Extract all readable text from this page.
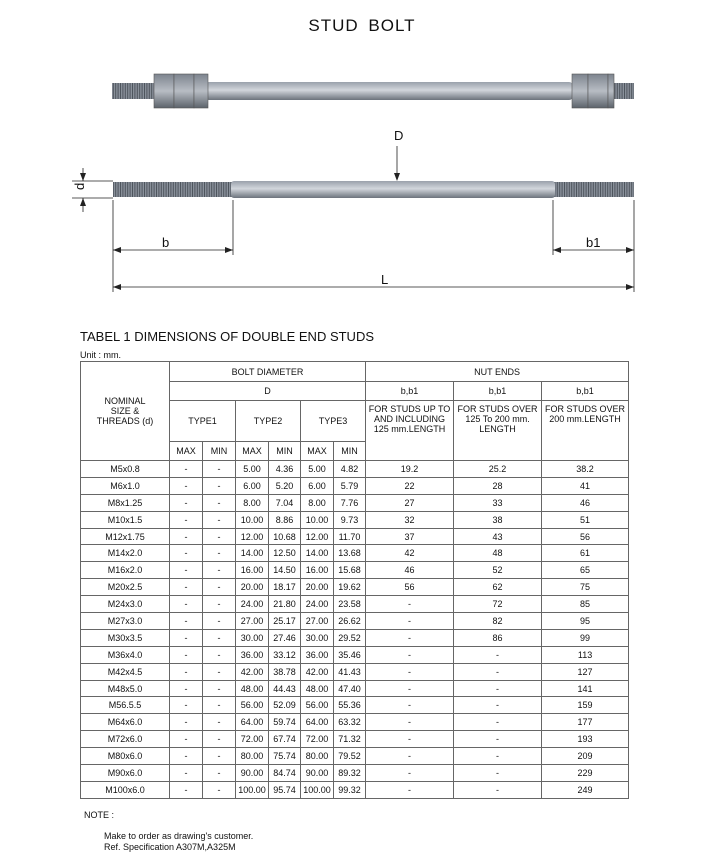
STUD BOLT
D
d
b	b1
L
TABEL 1 DIMENSIONS OF DOUBLE END STUDS
Unit : mm.
NOMINAL SIZE & THREADS (d)	BOLT DIAMETER						NUT ENDS		
	D						b,b1	b,b1	b,b1
	TYPE1		TYPE2		TYPE3		FOR STUDS UP TO AND INCLUDING 125 mm.LENGTH	FOR STUDS OVER 125 To 200 mm. LENGTH	FOR STUDS OVER 200 mm.LENGTH

	MAX	MIN	MAX	MIN	MAX	MIN			
M5x0.8	-	-	5.00	4.36	5.00	4.82	19.2	25.2	38.2
M6x1.0	-	-	6.00	5.20	6.00	5.79	22	28	41
M8x1.25	-	-	8.00	7.04	8.00	7.76	27	33	46
M10x1.5	-	-	10.00	8.86	10.00	9.73	32	38	51
M12x1.75	-	-	12.00	10.68	12.00	11.70	37	43	56
M14x2.0	-	-	14.00	12.50	14.00	13.68	42	48	61
M16x2.0	-	-	16.00	14.50	16.00	15.68	46	52	65
M20x2.5	-	-	20.00	18.17	20.00	19.62	56	62	75
M24x3.0	-	-	24.00	21.80	24.00	23.58	-	72	85
M27x3.0	-	-	27.00	25.17	27.00	26.62	-	82	95
M30x3.5	-	-	30.00	27.46	30.00	29.52	-	86	99
M36x4.0	-	-	36.00	33.12	36.00	35.46	-	-	113
M42x4.5	-	-	42.00	38.78	42.00	41.43	-	-	127
M48x5.0	-	-	48.00	44.43	48.00	47.40	-	-	141
M56.5.5	-	-	56.00	52.09	56.00	55.36	-	-	159
M64x6.0	-	-	64.00	59.74	64.00	63.32	-	-	177
M72x6.0	-	-	72.00	67.74	72.00	71.32	-	-	193
M80x6.0	-	-	80.00	75.74	80.00	79.52	-	-	209
M90x6.0	-	-	90.00	84.74	90.00	89.32	-	-	229
M100x6.0	-	-	100.00	95.74	100.00	99.32	-	-	249
NOTE :
Make to order as drawing's customer.
Ref. Specification A307M,A325M
